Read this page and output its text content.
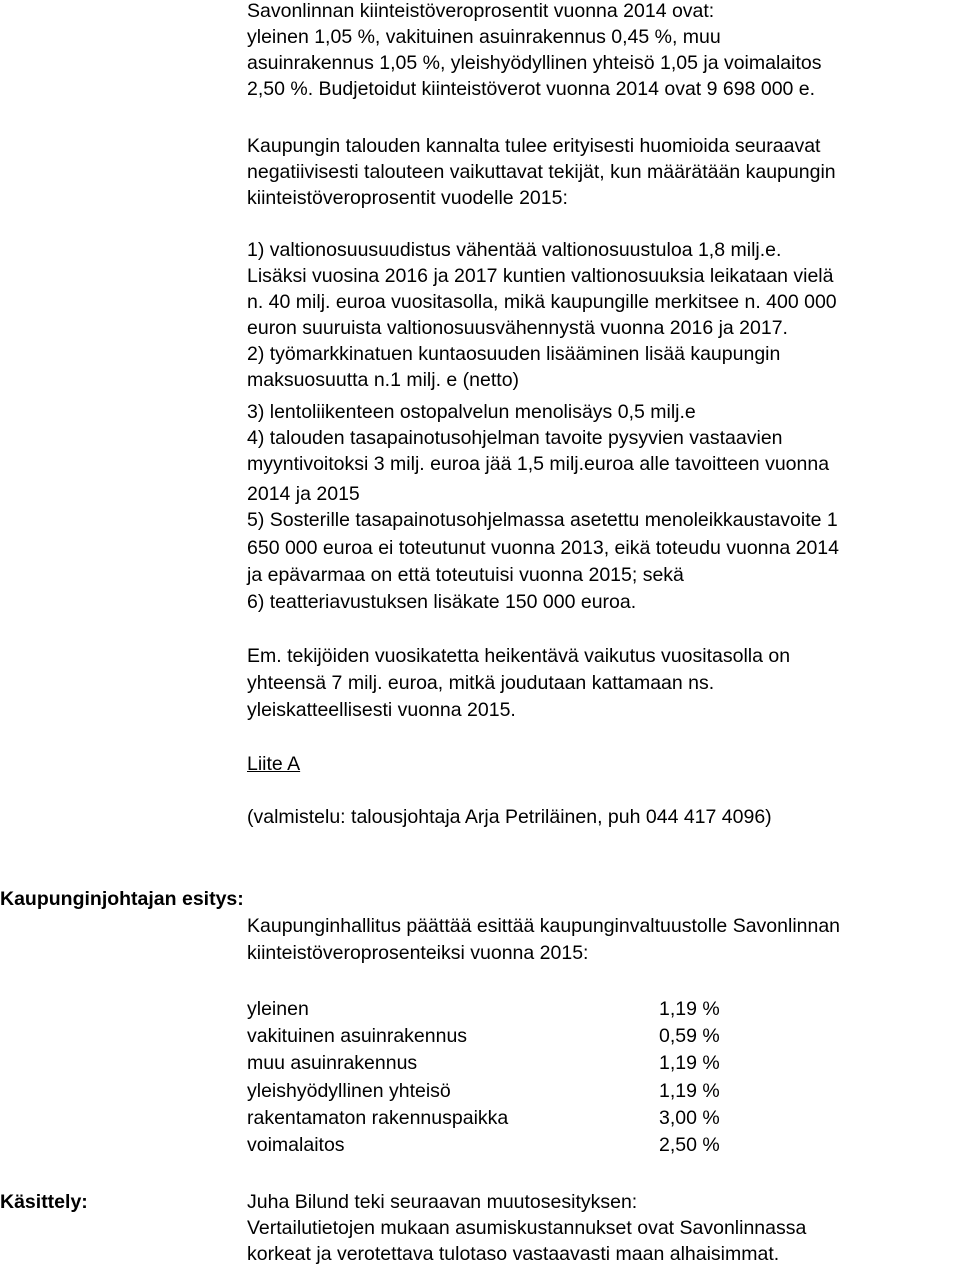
Savonlinnan kiinteistöveroprosentit vuonna 2014 ovat:
yleinen 1,05 %, vakituinen asuinrakennus 0,45 %, muu
asuinrakennus 1,05 %, yleishyödyllinen yhteisö 1,05 ja voimalaitos
2,50 %. Budjetoidut kiinteistöverot vuonna 2014 ovat 9 698 000 e.
Kaupungin talouden kannalta tulee erityisesti huomioida seuraavat
negatiivisesti talouteen vaikuttavat tekijät, kun määrätään kaupungin
kiinteistöveroprosentit vuodelle 2015:
1) valtionosuusuudistus vähentää valtionosuustuloa 1,8 milj.e.
Lisäksi vuosina 2016 ja 2017 kuntien valtionosuuksia leikataan vielä
n. 40 milj. euroa vuositasolla, mikä kaupungille merkitsee n. 400 000
euron suuruista valtionosuusvähennystä vuonna 2016 ja 2017.
2) työmarkkinatuen kuntaosuuden lisääminen lisää kaupungin
maksuosuutta n.1 milj. e (netto)
3) lentoliikenteen ostopalvelun menolisäys 0,5 milj.e
4) talouden tasapainotusohjelman tavoite pysyvien vastaavien
myyntivoitoksi 3 milj. euroa jää 1,5 milj.euroa alle tavoitteen vuonna
2014 ja 2015
5) Sosterille tasapainotusohjelmassa asetettu menoleikkaustavoite 1
650 000 euroa ei toteutunut vuonna 2013, eikä toteudu vuonna 2014
ja epävarmaa on että toteutuisi vuonna 2015; sekä
6) teatteriavustuksen lisäkate 150 000 euroa.
Em. tekijöiden vuosikatetta heikentävä vaikutus vuositasolla on
yhteensä 7 milj. euroa, mitkä joudutaan kattamaan ns.
yleiskatteellisesti vuonna 2015.
Liite A
(valmistelu: talousjohtaja Arja Petriläinen, puh 044 417 4096)
Kaupunginjohtajan esitys:
Kaupunginhallitus päättää esittää kaupunginvaltuustolle Savonlinnan
kiinteistöveroprosenteiksi vuonna 2015:
yleinen	1,19 %
vakituinen asuinrakennus	0,59 %
muu asuinrakennus	1,19 %
yleishyödyllinen yhteisö	1,19 %
rakentamaton rakennuspaikka	3,00 %
voimalaitos	2,50 %
Käsittely:	Juha Bilund teki seuraavan muutosesityksen:
Vertailutietojen mukaan asumiskustannukset ovat Savonlinnassa
korkeat ja verotettava tulotaso vastaavasti maan alhaisimmat.
